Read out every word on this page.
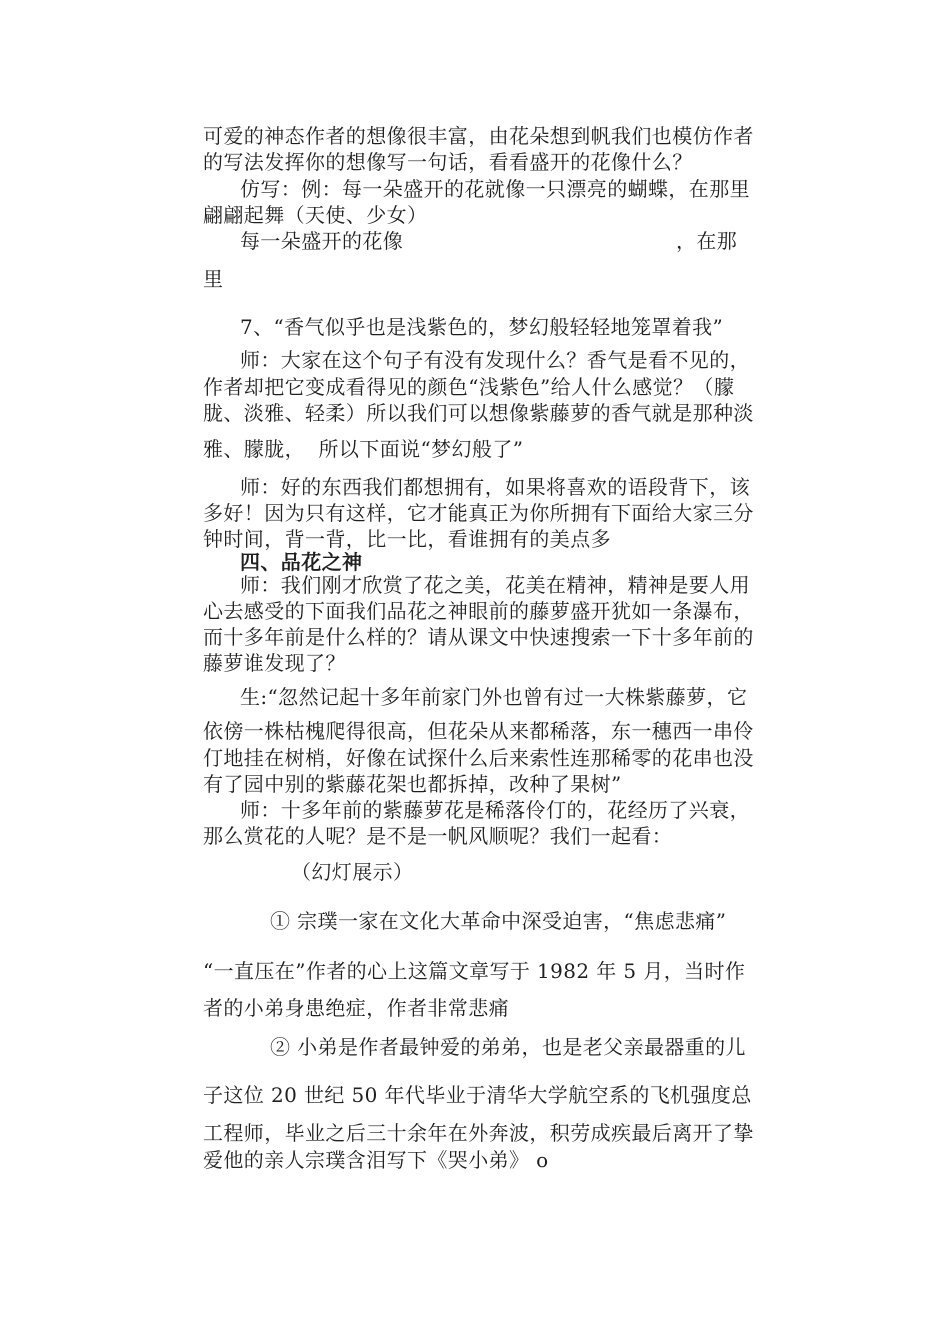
可爱的神态作者的想像很丰富，由花朵想到帆我们也模仿作者
的写法发挥你的想像写一句话，看看盛开的花像什么？
仿写：例：每一朵盛开的花就像一只漂亮的蝴蝶，在那里
翩翩起舞（天使、少女）
每一朵盛开的花像	，在那
里
7、“香气似乎也是浅紫色的，梦幻般轻轻地笼罩着我”
师：大家在这个句子有没有发现什么？香气是看不见的，
作者却把它变成看得见的颜色“浅紫色”给人什么感觉？（朦
胧、淡雅、轻柔）所以我们可以想像紫藤萝的香气就是那种淡
雅、朦胧，  所以下面说“梦幻般了”
师：好的东西我们都想拥有，如果将喜欢的语段背下，该
多好！因为只有这样，它才能真正为你所拥有下面给大家三分
钟时间，背一背，比一比，看谁拥有的美点多
四、品花之神
师：我们刚才欣赏了花之美，花美在精神，精神是要人用
心去感受的下面我们品花之神眼前的藤萝盛开犹如一条瀑布，
而十多年前是什么样的？请从课文中快速搜索一下十多年前的
藤萝谁发现了？
生:“忽然记起十多年前家门外也曾有过一大株紫藤萝，它
依傍一株枯槐爬得很高，但花朵从来都稀落，东一穗西一串伶
仃地挂在树梢，好像在试探什么后来索性连那稀零的花串也没
有了园中别的紫藤花架也都拆掉，改种了果树”
师：十多年前的紫藤萝花是稀落伶仃的，花经历了兴衰，
那么赏花的人呢？是不是一帆风顺呢？我们一起看：
（幻灯展示）
① 宗璞一家在文化大革命中深受迫害，“焦虑悲痛”
“一直压在”作者的心上这篇文章写于 1982 年 5 月，当时作
者的小弟身患绝症，作者非常悲痛
② 小弟是作者最钟爱的弟弟，也是老父亲最器重的儿
子这位 20 世纪 50 年代毕业于清华大学航空系的飞机强度总
工程师，毕业之后三十余年在外奔波，积劳成疾最后离开了挚
爱他的亲人宗璞含泪写下《哭小弟》 o
